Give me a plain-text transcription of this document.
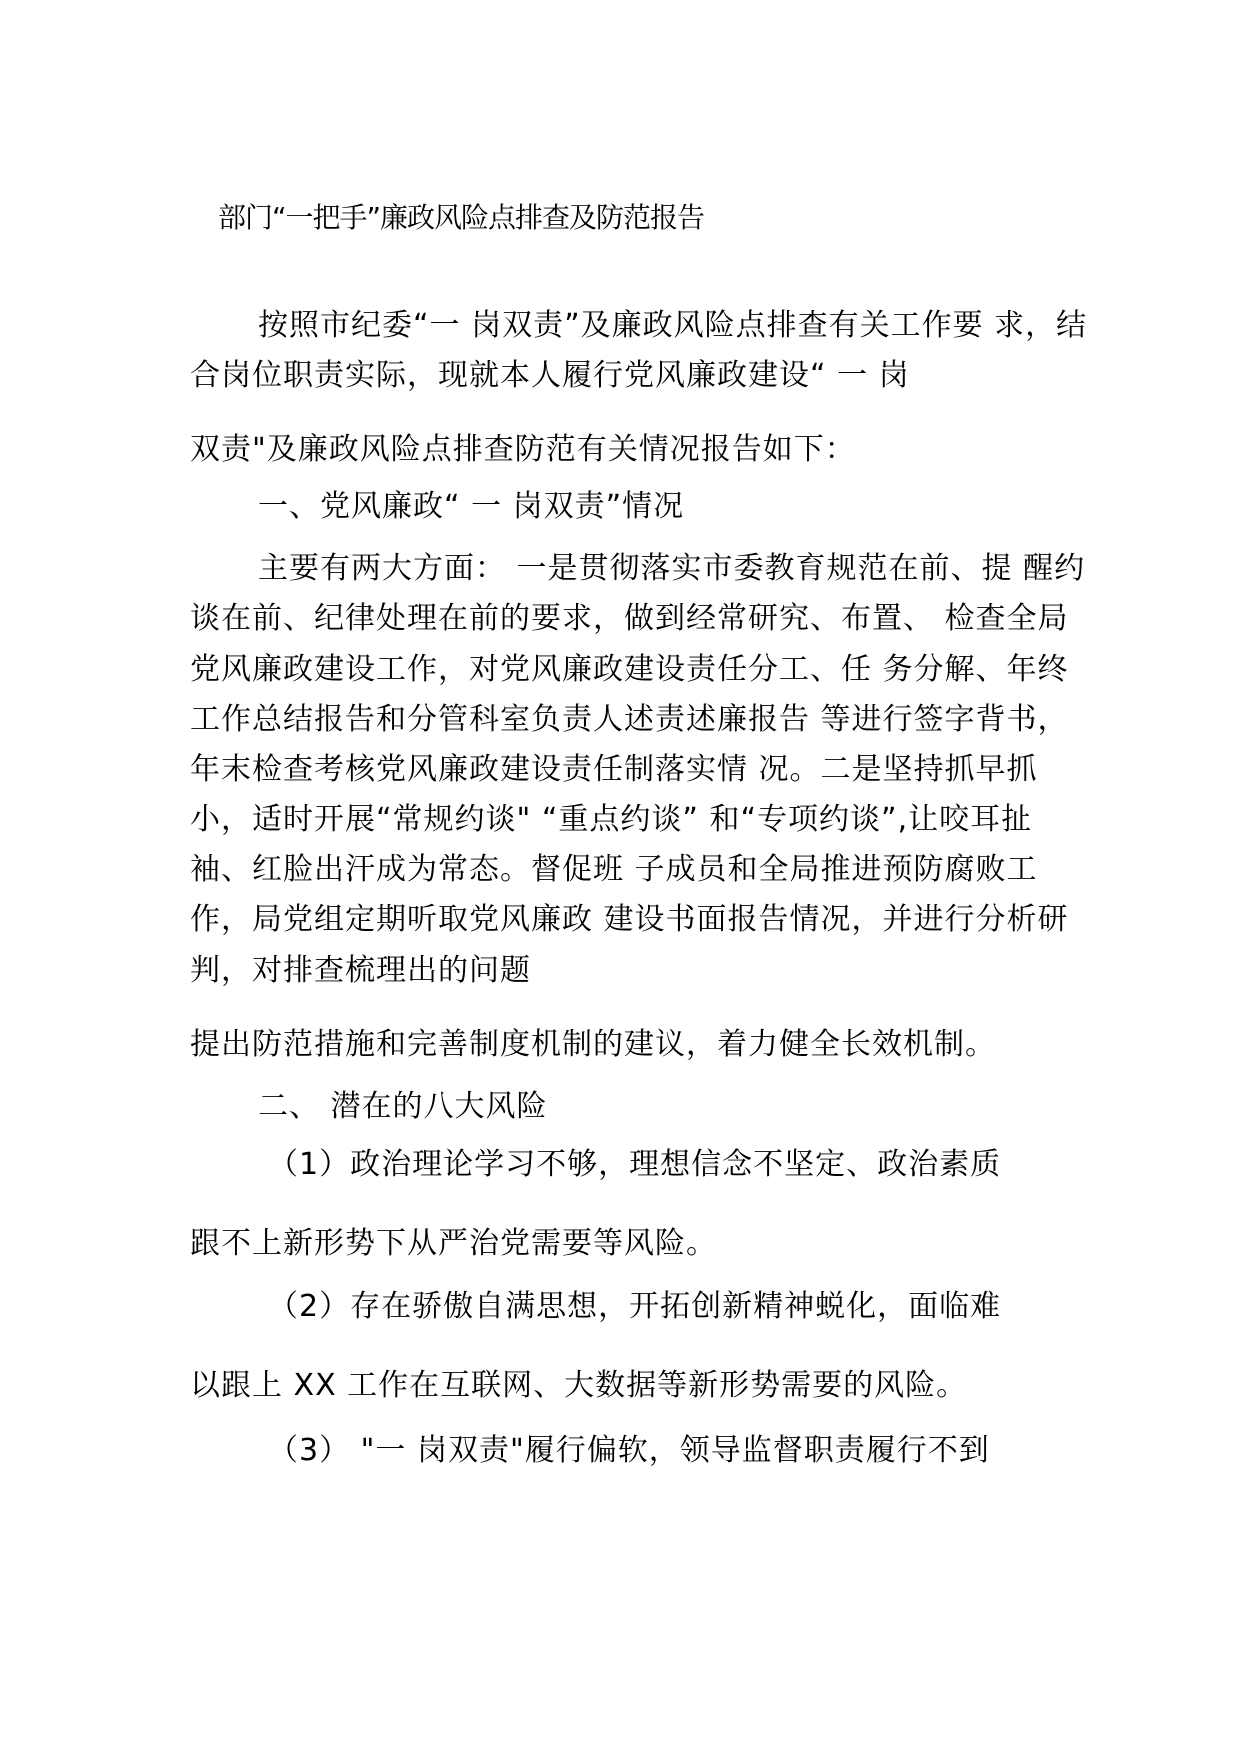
部门“一把手”廉政风险点排查及防范报告
按照市纪委“一 岗双责”及廉政风险点排查有关工作要 求，结
合岗位职责实际，现就本人履行党风廉政建设“ 一 岗
双责"及廉政风险点排查防范有关情况报告如下：
一、党风廉政“ 一 岗双责”情况
主要有两大方面： 一是贯彻落实市委教育规范在前、提 醒约
谈在前、纪律处理在前的要求，做到经常研究、布置、 检查全局
党风廉政建设工作，对党风廉政建设责任分工、任 务分解、年终
工作总结报告和分管科室负责人述责述廉报告 等进行签字背书，
年末检查考核党风廉政建设责任制落实情 况。二是坚持抓早抓
小，适时开展“常规约谈" “重点约谈” 和“专项约谈”,让咬耳扯
袖、红脸出汗成为常态。督促班 子成员和全局推进预防腐败工
作，局党组定期听取党风廉政 建设书面报告情况，并进行分析研
判，对排查梳理出的问题
提出防范措施和完善制度机制的建议，着力健全长效机制。
二、 潜在的八大风险
（1）政治理论学习不够，理想信念不坚定、政治素质
跟不上新形势下从严治党需要等风险。
（2）存在骄傲自满思想，开拓创新精神蜕化，面临难
以跟上 XX 工作在互联网、大数据等新形势需要的风险。
（3） "一 岗双责"履行偏软，领导监督职责履行不到
